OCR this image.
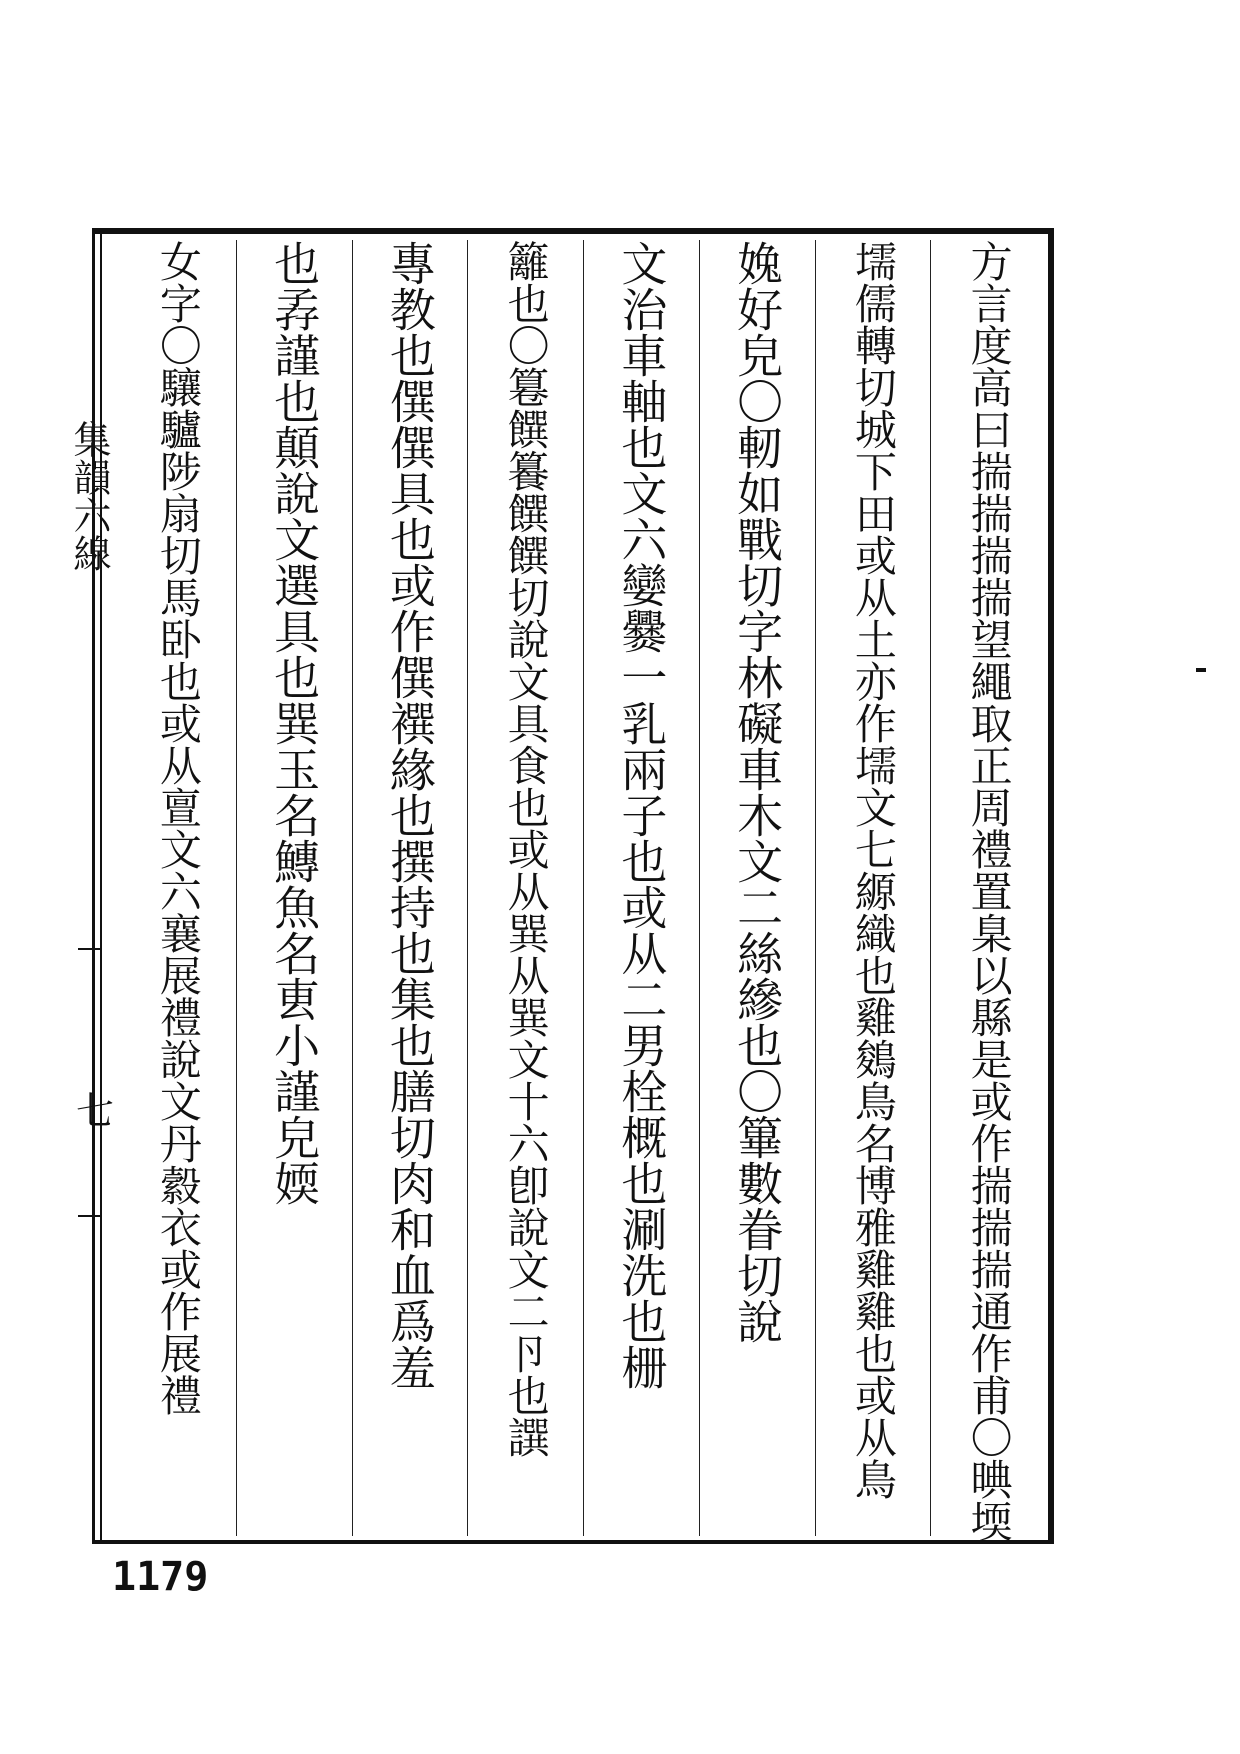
集韻六線
七	方言度高曰揣揣揣揣望繩取正周禮置臬以縣是或作揣揣揣通作甫〇晪堧
壖儒轉切城下田或从土亦作壖文七縓織也雞鵕鳥名博雅雞雞也或从鳥
婏好皃〇軔如戰切字林礙車木文二絲縿也〇篳數眷切說
文治車軸也文六孌爨一乳兩子也或从二男栓概也涮洗也栅
籬也〇篹饌籑饌饌切說文具食也或从巽从巽文十六卽說文二卪也譔
專教也僎僎具也或作僎襈緣也撰持也集也膳切肉和血爲羞
也孨謹也顛說文選具也巽玉名鱄魚名叀小謹皃媆
女字〇驤驢陟扇切馬卧也或从亶文六襄展禮說文丹縠衣或作展禮
1179
